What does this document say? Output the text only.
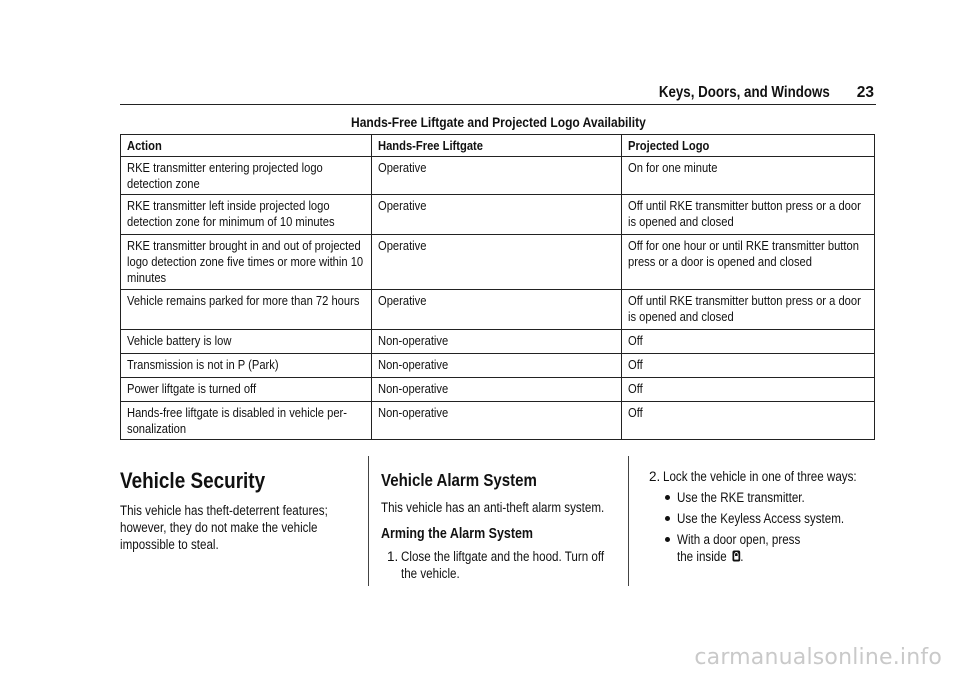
Keys, Doors, and Windows 23
Hands-Free Liftgate and Projected Logo Availability
Action	Hands-Free Liftgate	Projected Logo

RKE transmitter entering projected logo detection zone	Operative	On for one minute

RKE transmitter left inside projected logo detection zone for minimum of 10 minutes	Operative	Off until RKE transmitter button press or a door is opened and closed

RKE transmitter brought in and out of projected logo detection zone five times or more within 10 minutes	Operative	Off for one hour or until RKE transmitter button press or a door is opened and closed

Vehicle remains parked for more than 72 hours	Operative	Off until RKE transmitter button press or a door is opened and closed

Vehicle battery is low	Non-operative	Off

Transmission is not in P (Park)	Non-operative	Off

Power liftgate is turned off	Non-operative	Off

Hands-free liftgate is disabled in vehicle per-sonalization	Non-operative	Off
Vehicle Security
This vehicle has theft-deterrent features; however, they do not make the vehicle impossible to steal.
Vehicle Alarm System
This vehicle has an anti-theft alarm system.
Arming the Alarm System
1. Close the liftgate and the hood. Turn off the vehicle.
2. Lock the vehicle in one of three ways:
Use the RKE transmitter.
Use the Keyless Access system.
With a door open, press the inside .
carmanualsonline.info
